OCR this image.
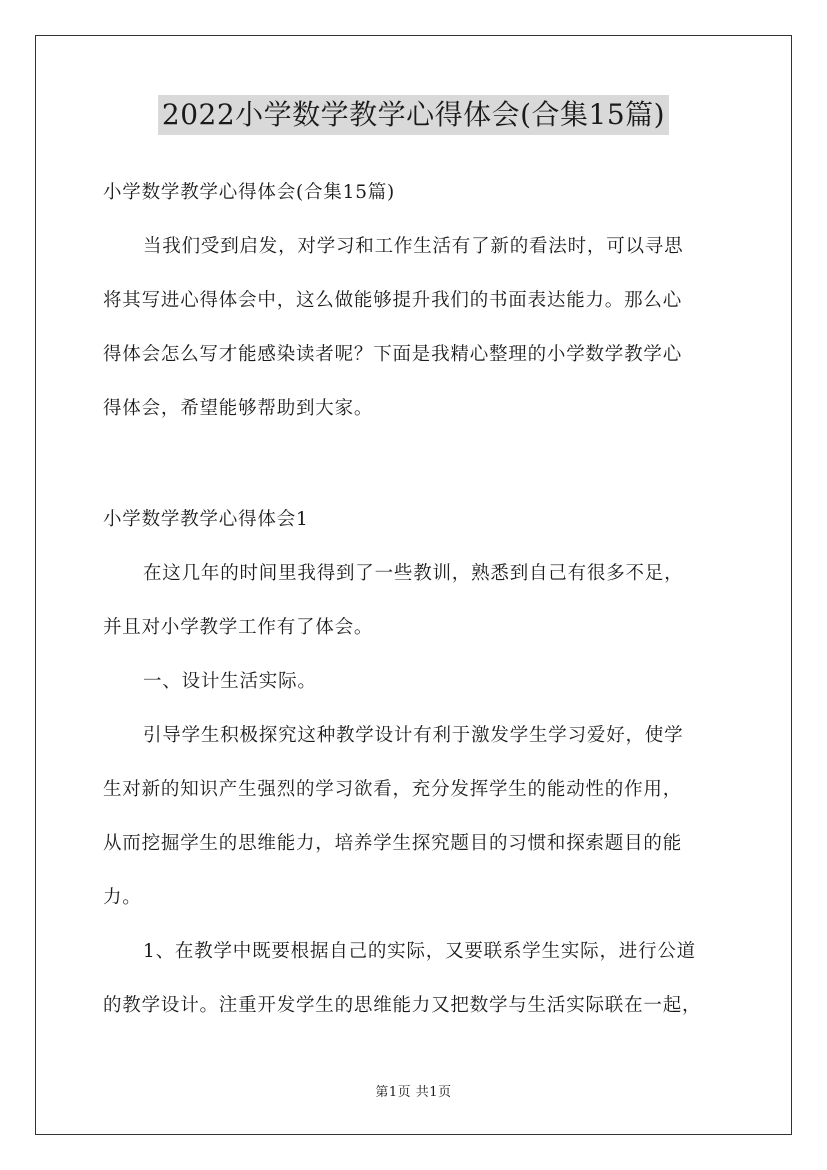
2022小学数学教学心得体会(合集15篇)
小学数学教学心得体会(合集15篇)
当我们受到启发，对学习和工作生活有了新的看法时，可以寻思
将其写进心得体会中，这么做能够提升我们的书面表达能力。那么心
得体会怎么写才能感染读者呢？下面是我精心整理的小学数学教学心
得体会，希望能够帮助到大家。
小学数学教学心得体会1
在这几年的时间里我得到了一些教训，熟悉到自己有很多不足，
并且对小学教学工作有了体会。
一、设计生活实际。
引导学生积极探究这种教学设计有利于激发学生学习爱好，使学
生对新的知识产生强烈的学习欲看，充分发挥学生的能动性的作用，
从而挖掘学生的思维能力，培养学生探究题目的习惯和探索题目的能
力。
1、在教学中既要根据自己的实际，又要联系学生实际，进行公道
的教学设计。注重开发学生的思维能力又把数学与生活实际联在一起，
第1页 共1页
